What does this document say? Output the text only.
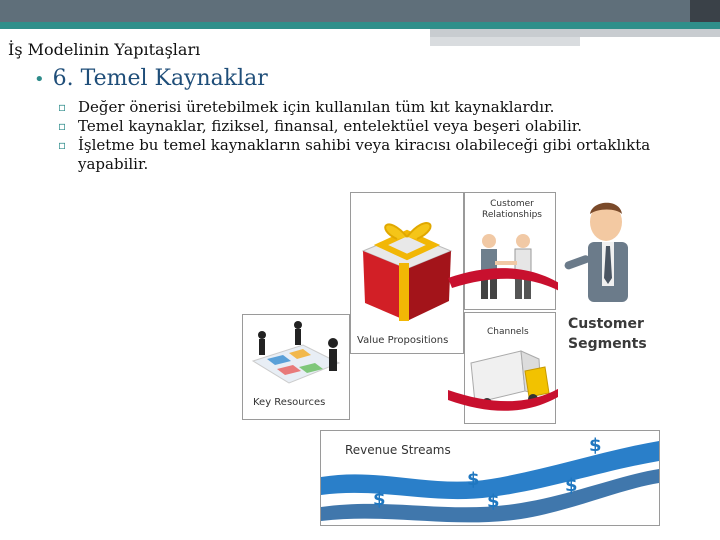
İş Modelinin Yapıtaşları
• 6. Temel Kaynaklar
▫ Değer önerisi üretebilmek için kullanılan tüm kıt kaynaklardır.
▫ Temel kaynaklar, fiziksel, finansal, entelektüel veya beşeri olabilir.
▫ İşletme bu temel kaynakların sahibi veya kiracısı olabileceği gibi ortaklıkta yapabilir.
Value Propositions
Customer Relationships
Channels	Customer
Segments
Key Resources
Revenue Streams
$
$
$
$
$
